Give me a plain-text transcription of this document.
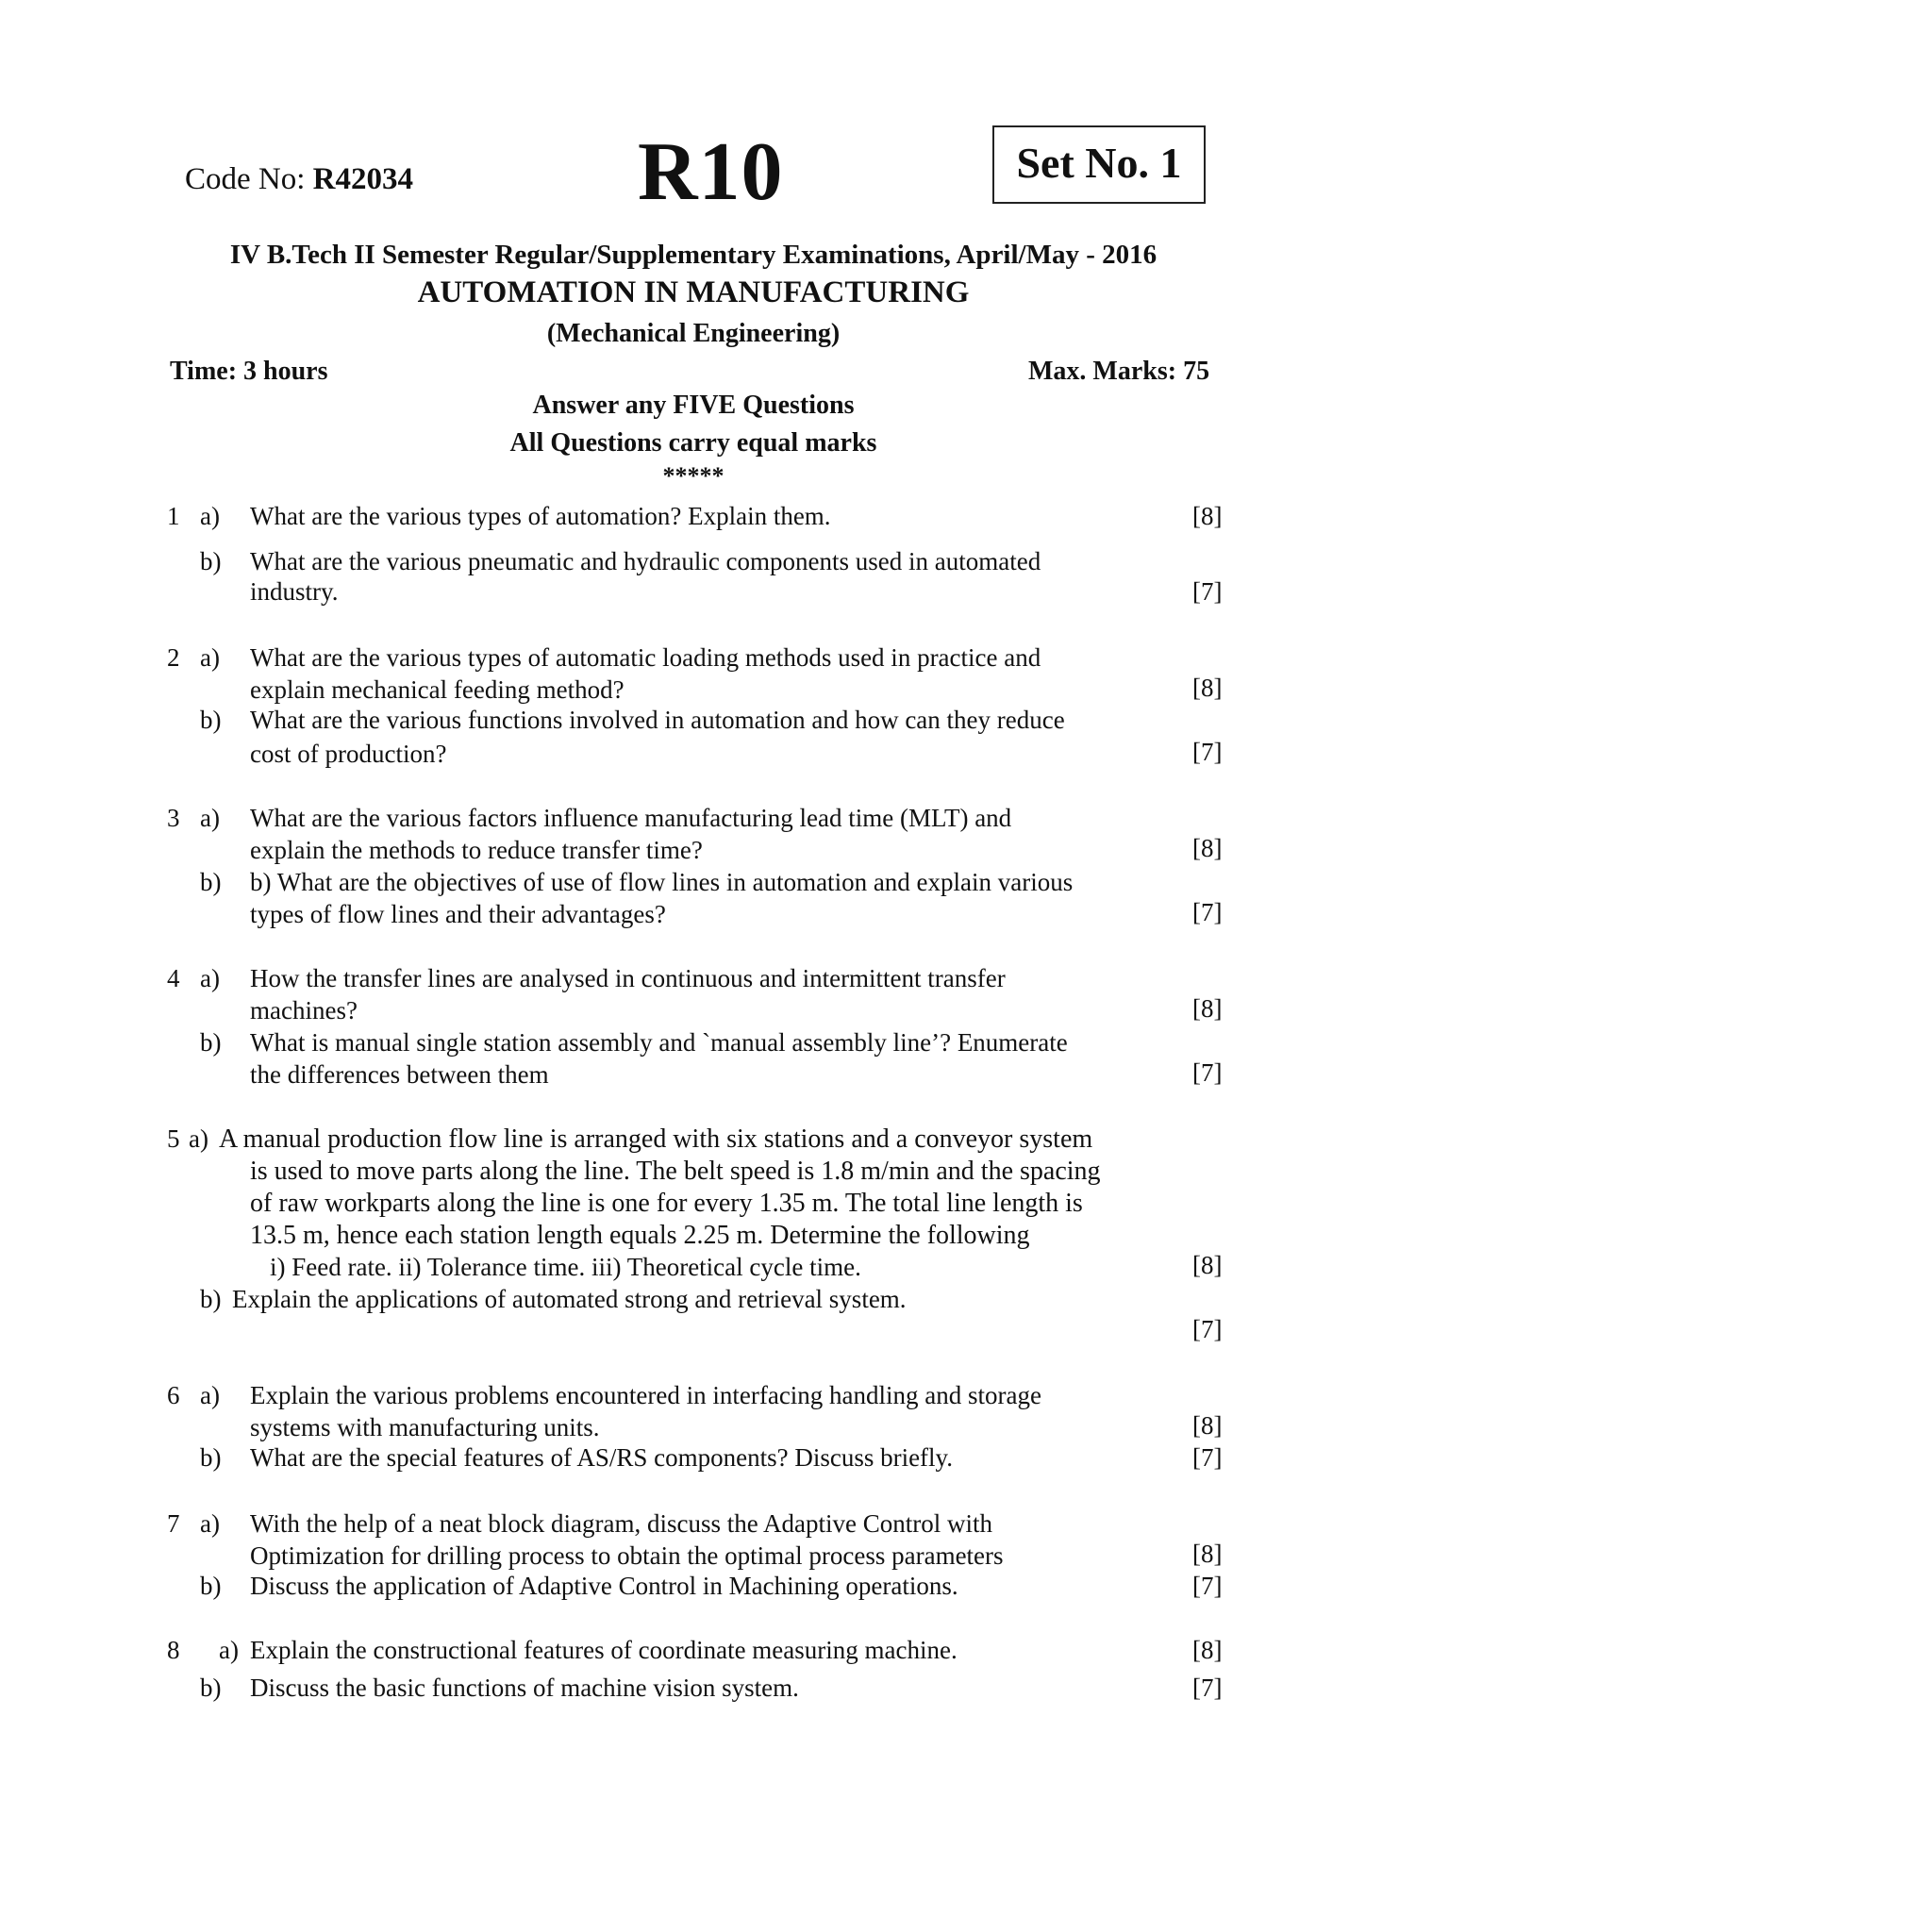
Code No: R42034	R10	Set No. 1
IV B.Tech II Semester Regular/Supplementary Examinations, April/May - 2016
AUTOMATION IN MANUFACTURING
(Mechanical Engineering)
Time: 3 hours	Max. Marks: 75
Answer any FIVE Questions
All Questions carry equal marks
*****
1 a) What are the various types of automation? Explain them.	[8]
b) What are the various pneumatic and hydraulic components used in automated
industry.	[7]
2 a) What are the various types of automatic loading methods used in practice and
explain mechanical feeding method?	[8]
b) What are the various functions involved in automation and how can they reduce
cost of production?	[7]
3 a) What are the various factors influence manufacturing lead time (MLT) and
explain the methods to reduce transfer time?	[8]
b) b) What are the objectives of use of flow lines in automation and explain various
types of flow lines and their advantages?	[7]
4 a) How the transfer lines are analysed in continuous and intermittent transfer
machines?	[8]
b) What is manual single station assembly and `manual assembly line’? Enumerate
the differences between them	[7]
5 a) A manual production flow line is arranged with six stations and a conveyor system
is used to move parts along the line. The belt speed is 1.8 m/min and the spacing
of raw workparts along the line is one for every 1.35 m. The total line length is
13.5 m, hence each station length equals 2.25 m. Determine the following
i) Feed rate. ii) Tolerance time. iii) Theoretical cycle time.	[8]
b) Explain the applications of automated strong and retrieval system.
[7]
6 a) Explain the various problems encountered in interfacing handling and storage
systems with manufacturing units.	[8]
b) What are the special features of AS/RS components? Discuss briefly.	[7]
7 a) With the help of a neat block diagram, discuss the Adaptive Control with
Optimization for drilling process to obtain the optimal process parameters	[8]
b) Discuss the application of Adaptive Control in Machining operations.	[7]
8 a) Explain the constructional features of coordinate measuring machine.	[8]
b) Discuss the basic functions of machine vision system.	[7]
